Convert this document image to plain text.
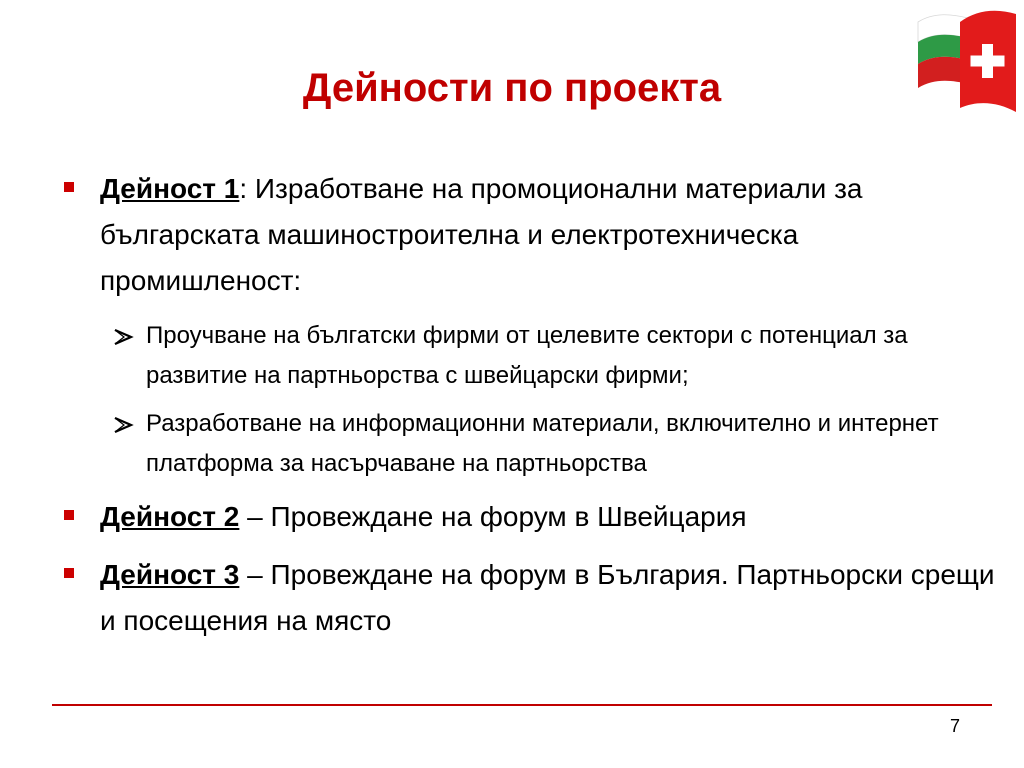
Дейности по проекта
Дейност 1: Изработване на промоционални материали за българската машиностроителна и електротехническа промишленост:
Проучване на бългатски фирми от целевите сектори с потенциал за развитие на партньорства с швейцарски фирми;
Разработване на информационни материали, включително и интернет платформа за насърчаване на партньорства
Дейност 2 – Провеждане на форум в Швейцария
Дейност 3 – Провеждане на форум в България. Партньорски срещи и посещения на място
7
